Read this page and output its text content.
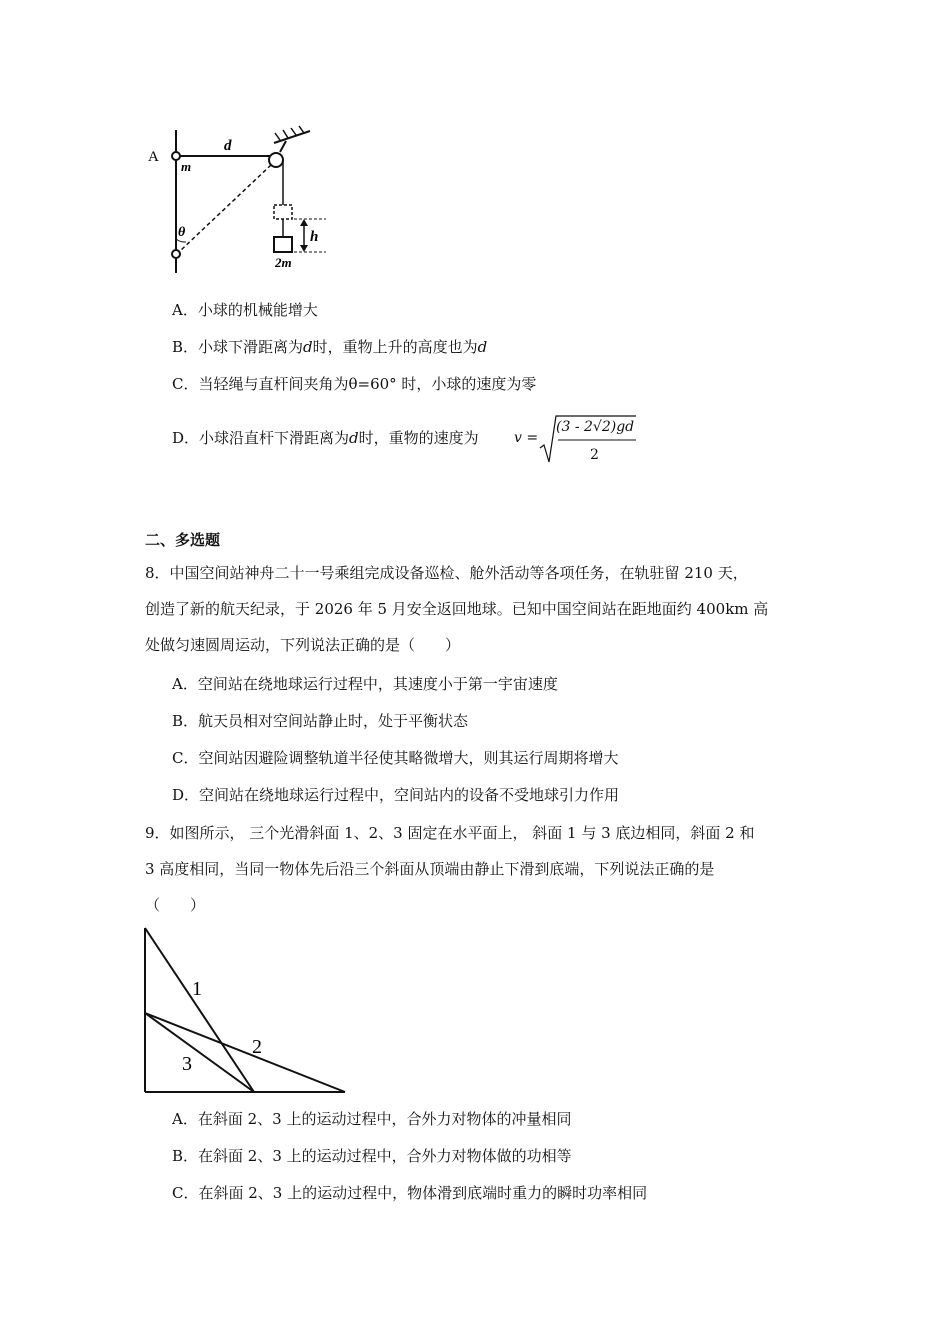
A
d
m
θ	h
2m
A．小球的机械能增大
B．小球下滑距离为d时，重物上升的高度也为d
C．当轻绳与直杆间夹角为θ=60° 时，小球的速度为零
D．小球沿直杆下滑距离为d时，重物的速度为	v =
(3 - 2√2)gd
2
二、多选题
8．中国空间站神舟二十一号乘组完成设备巡检、舱外活动等各项任务，在轨驻留 210 天，
创造了新的航天纪录，于 2026 年 5 月安全返回地球。已知中国空间站在距地面约 400km 高
处做匀速圆周运动，下列说法正确的是（　　）
A．空间站在绕地球运行过程中，其速度小于第一宇宙速度
B．航天员相对空间站静止时，处于平衡状态
C．空间站因避险调整轨道半径使其略微增大，则其运行周期将增大
D．空间站在绕地球运行过程中，空间站内的设备不受地球引力作用
9．如图所示， 三个光滑斜面 1、2、3 固定在水平面上， 斜面 1 与 3 底边相同，斜面 2 和
3 高度相同，当同一物体先后沿三个斜面从顶端由静止下滑到底端，下列说法正确的是
（　　）
1
2
3
A．在斜面 2、3 上的运动过程中，合外力对物体的冲量相同
B．在斜面 2、3 上的运动过程中，合外力对物体做的功相等
C．在斜面 2、3 上的运动过程中，物体滑到底端时重力的瞬时功率相同
